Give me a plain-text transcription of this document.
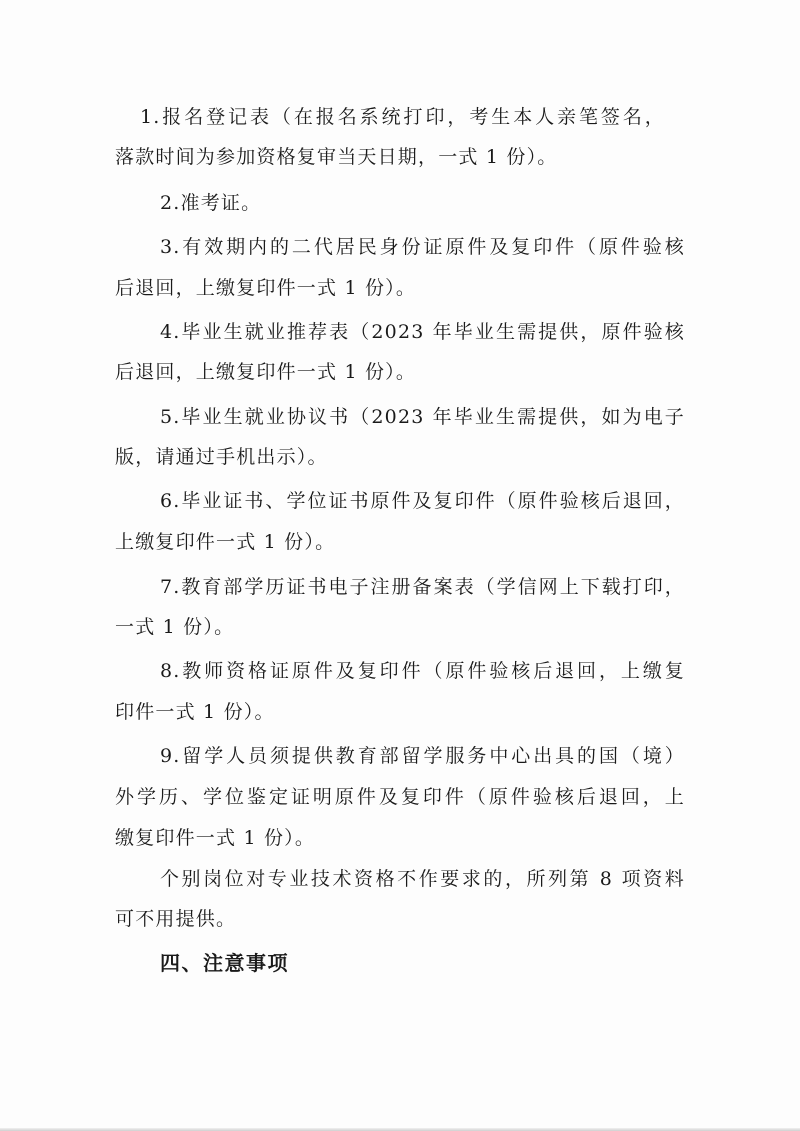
1.报名登记表（在报名系统打印，考生本人亲笔签名，
落款时间为参加资格复审当天日期，一式 1 份）。
2.准考证。
3.有效期内的二代居民身份证原件及复印件（原件验核
后退回，上缴复印件一式 1 份）。
4.毕业生就业推荐表（2023 年毕业生需提供，原件验核
后退回，上缴复印件一式 1 份）。
5.毕业生就业协议书（2023 年毕业生需提供，如为电子
版，请通过手机出示）。
6.毕业证书、学位证书原件及复印件（原件验核后退回，
上缴复印件一式 1 份）。
7.教育部学历证书电子注册备案表（学信网上下载打印，
一式 1 份）。
8.教师资格证原件及复印件（原件验核后退回，上缴复
印件一式 1 份）。
9.留学人员须提供教育部留学服务中心出具的国（境）
外学历、学位鉴定证明原件及复印件（原件验核后退回，上
缴复印件一式 1 份）。
个别岗位对专业技术资格不作要求的，所列第 8 项资料
可不用提供。
四、注意事项
